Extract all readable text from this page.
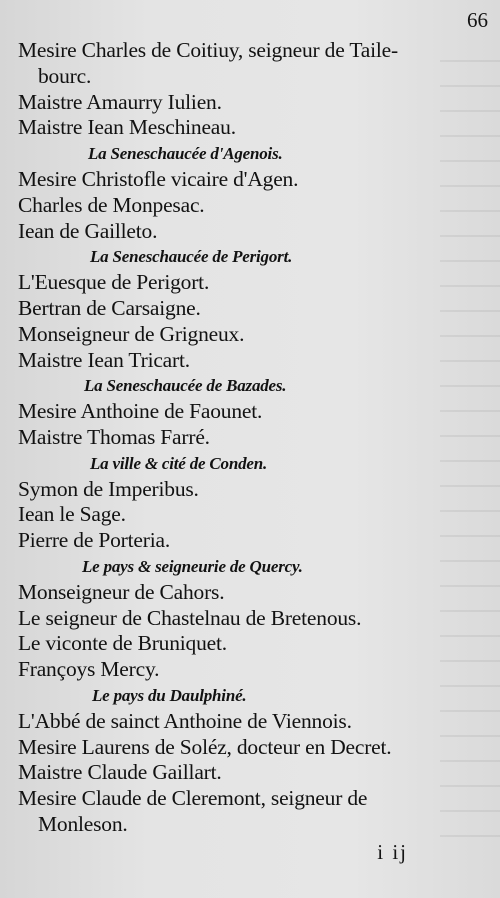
66
Mesire Charles de Coitiuy, seigneur de Taile-
bourc.
Maistre Amaurry Iulien.
Maistre Iean Meschineau.
La Seneschaucée d'Agenois.
Mesire Christofle vicaire d'Agen.
Charles de Monpesac.
Iean de Gailleto.
La Seneschaucée de Perigort.
L'Euesque de Perigort.
Bertran de Carsaigne.
Monseigneur de Grigneux.
Maistre Iean Tricart.
La Seneschaucée de Bazades.
Mesire Anthoine de Faounet.
Maistre Thomas Farré.
La ville & cité de Conden.
Symon de Imperibus.
Iean le Sage.
Pierre de Porteria.
Le pays & seigneurie de Quercy.
Monseigneur de Cahors.
Le seigneur de Chastelnau de Bretenous.
Le viconte de Bruniquet.
Françoys Mercy.
Le pays du Daulphiné.
L'Abbé de sainct Anthoine de Viennois.
Mesire Laurens de Soléz, docteur en Decret.
Maistre Claude Gaillart.
Mesire Claude de Cleremont, seigneur de
Monleson.
i ij
